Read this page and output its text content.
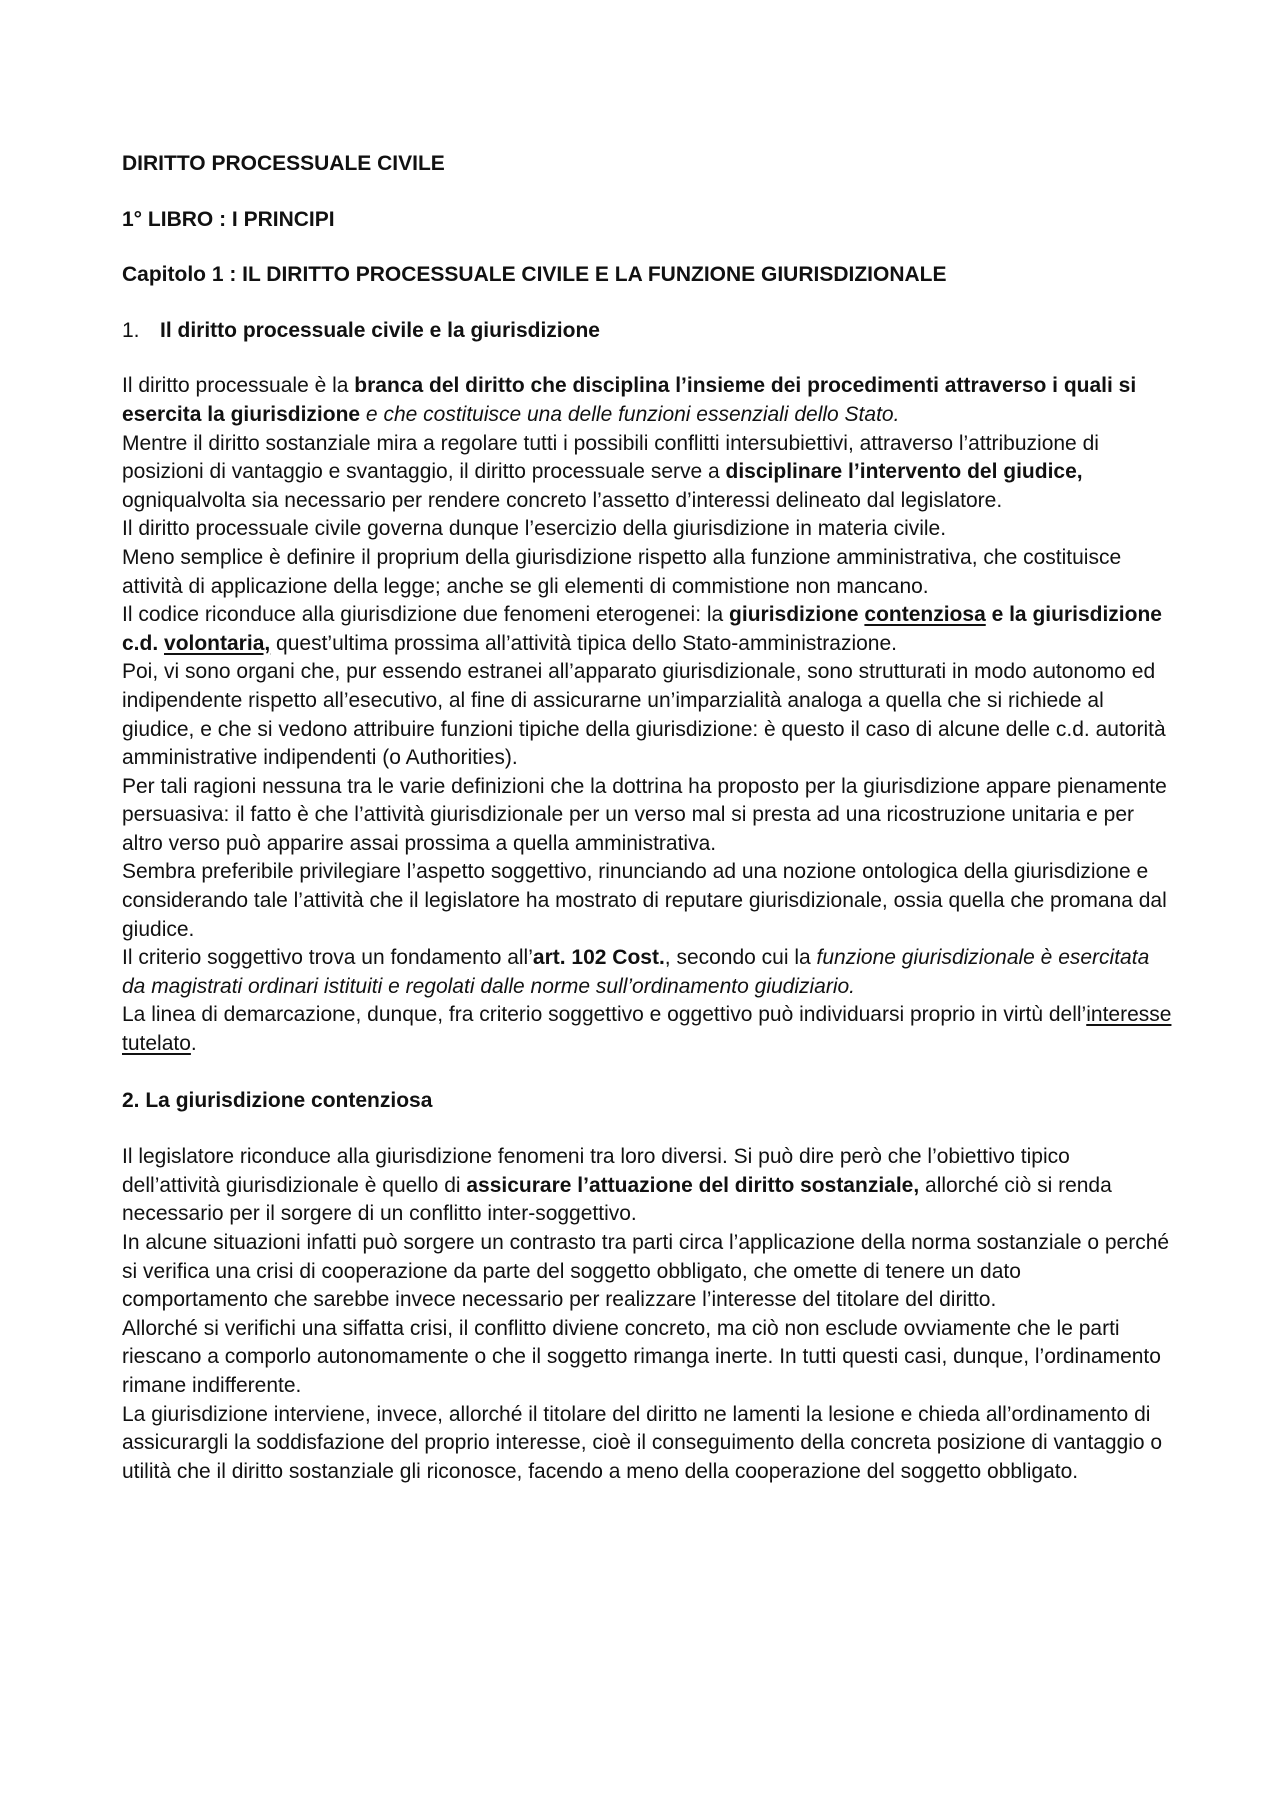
DIRITTO PROCESSUALE CIVILE

1° LIBRO : I PRINCIPI

Capitolo 1 : IL DIRITTO PROCESSUALE CIVILE E LA FUNZIONE GIURISDIZIONALE

1. Il diritto processuale civile e la giurisdizione

Il diritto processuale è la branca del diritto che disciplina l’insieme dei procedimenti attraverso i quali si esercita la giurisdizione e che costituisce una delle funzioni essenziali dello Stato.

Mentre il diritto sostanziale mira a regolare tutti i possibili conflitti intersubiettivi, attraverso l’attribuzione di posizioni di vantaggio e svantaggio, il diritto processuale serve a disciplinare l’intervento del giudice, ogniqualvolta sia necessario per rendere concreto l’assetto d’interessi delineato dal legislatore.

Il diritto processuale civile governa dunque l’esercizio della giurisdizione in materia civile.

Meno semplice è definire il proprium della giurisdizione rispetto alla funzione amministrativa, che costituisce attività di applicazione della legge; anche se gli elementi di commistione non mancano.

Il codice riconduce alla giurisdizione due fenomeni eterogenei: la giurisdizione contenziosa e la giurisdizione c.d. volontaria, quest’ultima prossima all’attività tipica dello Stato-amministrazione.

Poi, vi sono organi che, pur essendo estranei all’apparato giurisdizionale, sono strutturati in modo autonomo ed indipendente rispetto all’esecutivo, al fine di assicurarne un’imparzialità analoga a quella che si richiede al giudice, e che si vedono attribuire funzioni tipiche della giurisdizione: è questo il caso di alcune delle c.d. autorità amministrative indipendenti (o Authorities).

Per tali ragioni nessuna tra le varie definizioni che la dottrina ha proposto per la giurisdizione appare pienamente persuasiva: il fatto è che l’attività giurisdizionale per un verso mal si presta ad una ricostruzione unitaria e per altro verso può apparire assai prossima a quella amministrativa.

Sembra preferibile privilegiare l’aspetto soggettivo, rinunciando ad una nozione ontologica della giurisdizione e considerando tale l’attività che il legislatore ha mostrato di reputare giurisdizionale, ossia quella che promana dal giudice.

Il criterio soggettivo trova un fondamento all’art. 102 Cost., secondo cui la funzione giurisdizionale è esercitata da magistrati ordinari istituiti e regolati dalle norme sull’ordinamento giudiziario.

La linea di demarcazione, dunque, fra criterio soggettivo e oggettivo può individuarsi proprio in virtù dell’interesse tutelato.

2. La giurisdizione contenziosa

Il legislatore riconduce alla giurisdizione fenomeni tra loro diversi. Si può dire però che l’obiettivo tipico dell’attività giurisdizionale è quello di assicurare l’attuazione del diritto sostanziale, allorché ciò si renda necessario per il sorgere di un conflitto inter-soggettivo.

In alcune situazioni infatti può sorgere un contrasto tra parti circa l’applicazione della norma sostanziale o perché si verifica una crisi di cooperazione da parte del soggetto obbligato, che omette di tenere un dato comportamento che sarebbe invece necessario per realizzare l’interesse del titolare del diritto.

Allorché si verifichi una siffatta crisi, il conflitto diviene concreto, ma ciò non esclude ovviamente che le parti riescano a comporlo autonomamente o che il soggetto rimanga inerte. In tutti questi casi, dunque, l’ordinamento rimane indifferente.

La giurisdizione interviene, invece, allorché il titolare del diritto ne lamenti la lesione e chieda all’ordinamento di assicurargli la soddisfazione del proprio interesse, cioè il conseguimento della concreta posizione di vantaggio o utilità che il diritto sostanziale gli riconosce, facendo a meno della cooperazione del soggetto obbligato.
